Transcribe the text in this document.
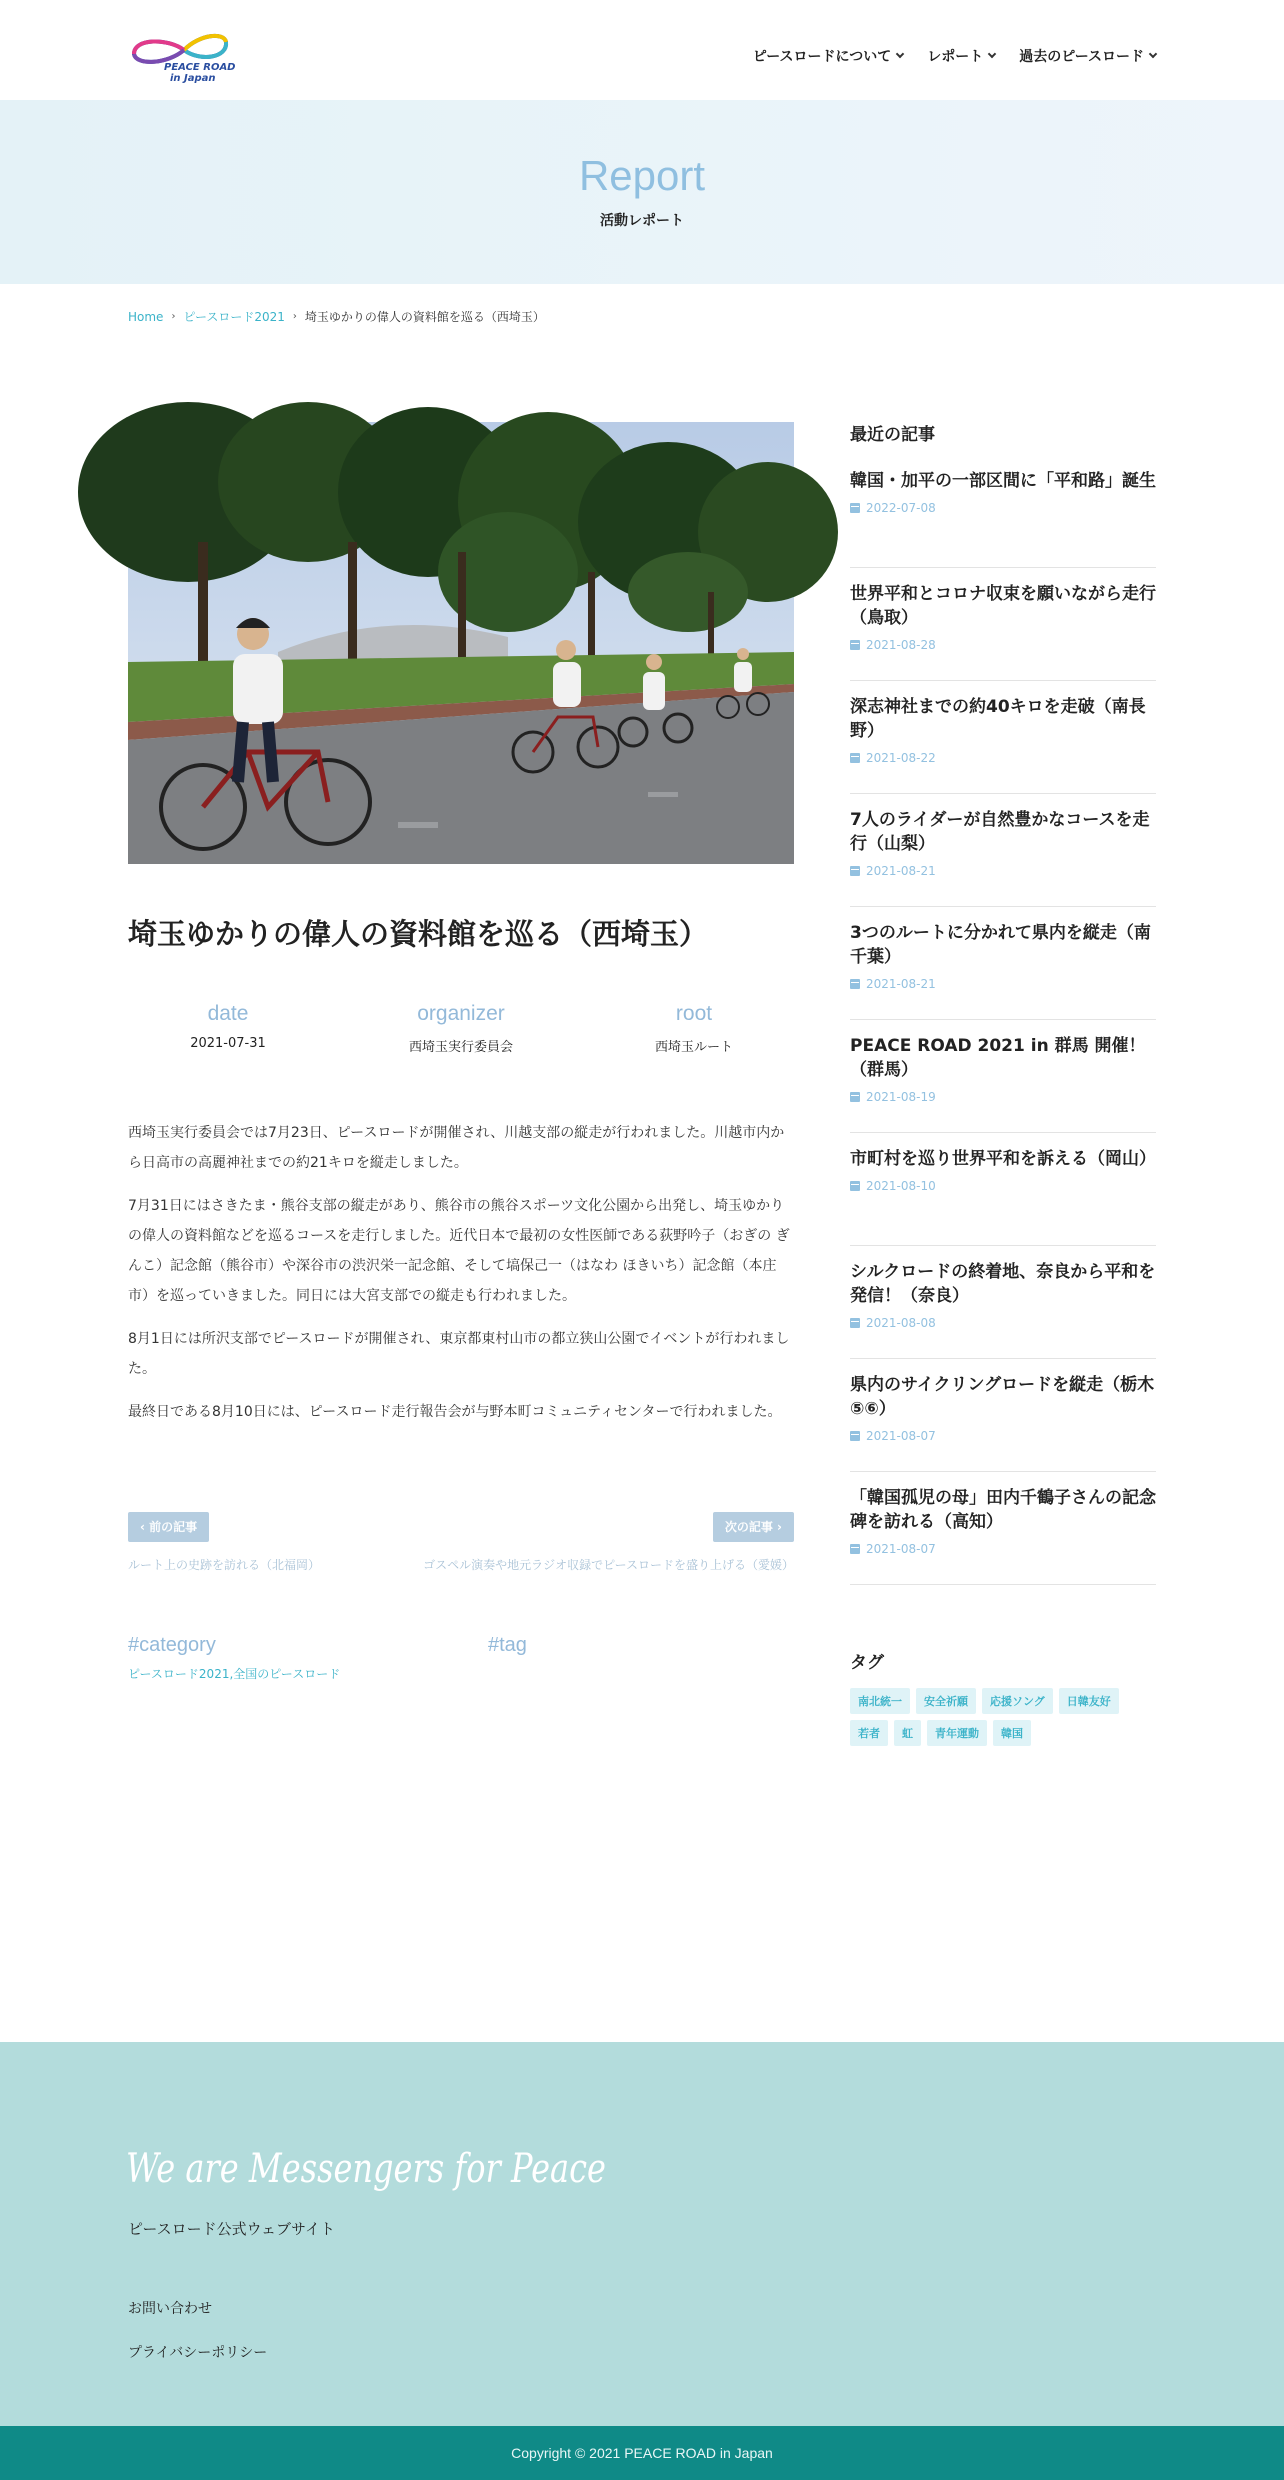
PEACE ROAD
in Japan
ピースロードについて	レポート	過去のピースロード
Report
活動レポート
Home › ピースロード2021 › 埼玉ゆかりの偉人の資料館を巡る（西埼玉）
埼玉ゆかりの偉人の資料館を巡る（西埼玉）
date
2021-07-31
organizer
西埼玉実行委員会
root
西埼玉ルート

西埼玉実行委員会では7月23日、ピースロードが開催され、川越支部の縦走が行われました。川越市内から日高市の高麗神社までの約21キロを縦走しました。

7月31日にはさきたま・熊谷支部の縦走があり、熊谷市の熊谷スポーツ文化公園から出発し、埼玉ゆかりの偉人の資料館などを巡るコースを走行しました。近代日本で最初の女性医師である荻野吟子（おぎの ぎんこ）記念館（熊谷市）や深谷市の渋沢栄一記念館、そして塙保己一（はなわ ほきいち）記念館（本庄市）を巡っていきました。同日には大宮支部での縦走も行われました。

8月1日には所沢支部でピースロードが開催され、東京都東村山市の都立狭山公園でイベントが行われました。

最終日である8月10日には、ピースロード走行報告会が与野本町コミュニティセンターで行われました。

‹ 前の記事	次の記事 ›
ルート上の史跡を訪れる（北福岡）	ゴスペル演奏や地元ラジオ収録でピースロードを盛り上げる（愛媛）
#category
ピースロード2021,全国のピースロード
#tag
最近の記事
韓国・加平の一部区間に「平和路」誕生
2022-07-08
世界平和とコロナ収束を願いながら走行（鳥取）
2021-08-28
深志神社までの約40キロを走破（南長野）
2021-08-22
7人のライダーが自然豊かなコースを走行（山梨）
2021-08-21
3つのルートに分かれて県内を縦走（南千葉）
2021-08-21
PEACE ROAD 2021 in 群馬 開催！（群馬）
2021-08-19
市町村を巡り世界平和を訴える（岡山）
2021-08-10
シルクロードの終着地、奈良から平和を発信！（奈良）
2021-08-08
県内のサイクリングロードを縦走（栃木⑤⑥）
2021-08-07
「韓国孤児の母」田内千鶴子さんの記念碑を訪れる（高知）
2021-08-07
タグ
南北統一	安全祈願	応援ソング	日韓友好
若者	虹	青年運動	韓国
We are Messengers for Peace
ピースロード公式ウェブサイト
お問い合わせ
プライバシーポリシー
Copyright © 2021 PEACE ROAD in Japan
